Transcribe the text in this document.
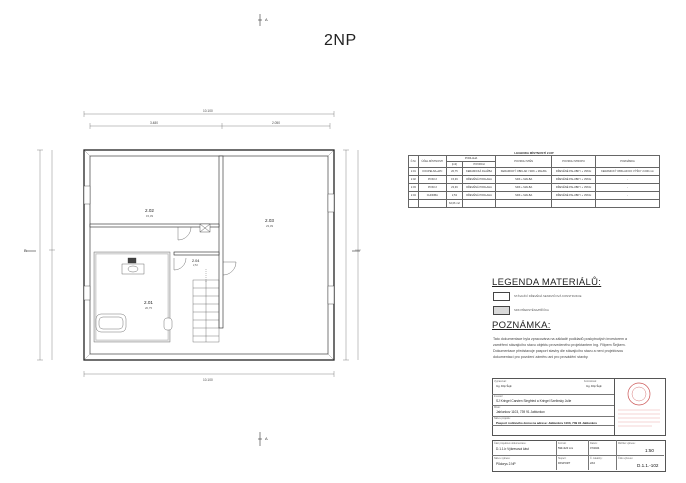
2NP
A
A
B
10.100
3.480	2.050
10.100
2.02
15,39
2.03
23,39
2.04
2,53
2.01
20,75
LEGENDA MÍSTNOSTÍ 2.NP						
Č.M.	ÚČEL MÍSTNOSTI	PODLAHA		POVRCH STĚN	POVRCH STROPU	POZNÁMKA
		[m2]	POVRCH			
2.01	KOUPELNA+WC	20,75	KERAMICKÁ DLAŽBA	KERAMICKÝ OBKLAD / SDK + MALBA	DŘEVĚNÉ PALUBKY + VRCH	KERAMICKÝ OBKLAD DO VÝŠKY 2.000 mm
2.02	POKOJ	15,39	DŘEVĚNÁ PODLAHA	SDK + MALBA	DŘEVĚNÉ PALUBKY + VRCH	-
2.03	POKOJ	23,39	DŘEVĚNÁ PODLAHA	SDK + MALBA	DŘEVĚNÉ PALUBKY + VRCH	-
2.04	CHODBA	2,53	DŘEVĚNÁ PODLAHA	SDK + MALBA	DŘEVĚNÉ PALUBKY + VRCH	-
		62,06 m2				
LEGENDA MATERIÁLŮ:
STÁVAJÍCÍ DŘEVĚNÁ SENDVIČOVÁ KONSTRUKCE
SDK PŘEDSTĚNA/PŘÍČKA
POZNÁMKA:
Tato dokumentace byla zpracována na základě podkladů poskytnutých investorem a
zaměření stávajícího stavu objektu provedeného projektantem Ing. Filipem Šejkem.
Dokumentace představuje pasport stavby dle stávajícího stavu a není projektovou
dokumentací pro povolení záměru ani pro provádění stavby.
Vypracoval:
Ing. Filip Šejk
Kontroloval:
Ing. Filip Šejk
Investor:
SJ Kringel Carsten Siegfried a Kringel Szelinsky Julie
Místo:
Jablunkov 1103, 739 91 Jablunkov
Název projektu:
Pasport rodinného domu na adrese: Jablunkov 1103, 739 91 Jablunkov
Část projektové dokumentace:
D.1.1.b Výkresová část
Název výkresu:
Půdorys 2.NP
Formát:
594×420 mm
Stupeň:
PASPORT
Datum:
07/2024
Č. zakázky:
2/10
Měřítko výkresu:
1:50
Číslo výkresu:
D.1.1.-102
